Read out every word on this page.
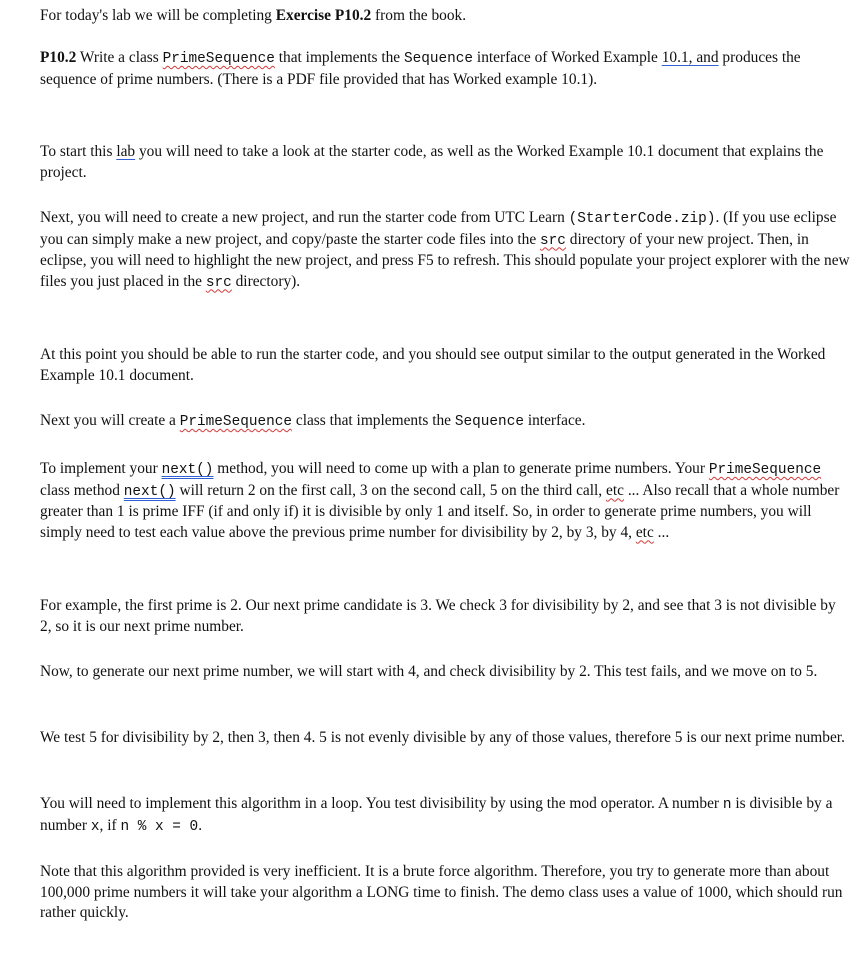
For today's lab we will be completing Exercise P10.2 from the book.

P10.2 Write a class PrimeSequence that implements the Sequence interface of Worked Example 10.1, and produces the sequence of prime numbers. (There is a PDF file provided that has Worked example 10.1).

To start this lab you will need to take a look at the starter code, as well as the Worked Example 10.1 document that explains the project.

Next, you will need to create a new project, and run the starter code from UTC Learn (StarterCode.zip). (If you use eclipse you can simply make a new project, and copy/paste the starter code files into the src directory of your new project. Then, in eclipse, you will need to highlight the new project, and press F5 to refresh. This should populate your project explorer with the new files you just placed in the src directory).

At this point you should be able to run the starter code, and you should see output similar to the output generated in the Worked Example 10.1 document.

Next you will create a PrimeSequence class that implements the Sequence interface.

To implement your next() method, you will need to come up with a plan to generate prime numbers. Your PrimeSequence class method next() will return 2 on the first call, 3 on the second call, 5 on the third call, etc ... Also recall that a whole number greater than 1 is prime IFF (if and only if) it is divisible by only 1 and itself. So, in order to generate prime numbers, you will simply need to test each value above the previous prime number for divisibility by 2, by 3, by 4, etc ...

For example, the first prime is 2. Our next prime candidate is 3. We check 3 for divisibility by 2, and see that 3 is not divisible by 2, so it is our next prime number.

Now, to generate our next prime number, we will start with 4, and check divisibility by 2. This test fails, and we move on to 5.

We test 5 for divisibility by 2, then 3, then 4. 5 is not evenly divisible by any of those values, therefore 5 is our next prime number.

You will need to implement this algorithm in a loop. You test divisibility by using the mod operator. A number n is divisible by a number x, if n % x = 0.

Note that this algorithm provided is very inefficient. It is a brute force algorithm. Therefore, you try to generate more than about 100,000 prime numbers it will take your algorithm a LONG time to finish. The demo class uses a value of 1000, which should run rather quickly.
